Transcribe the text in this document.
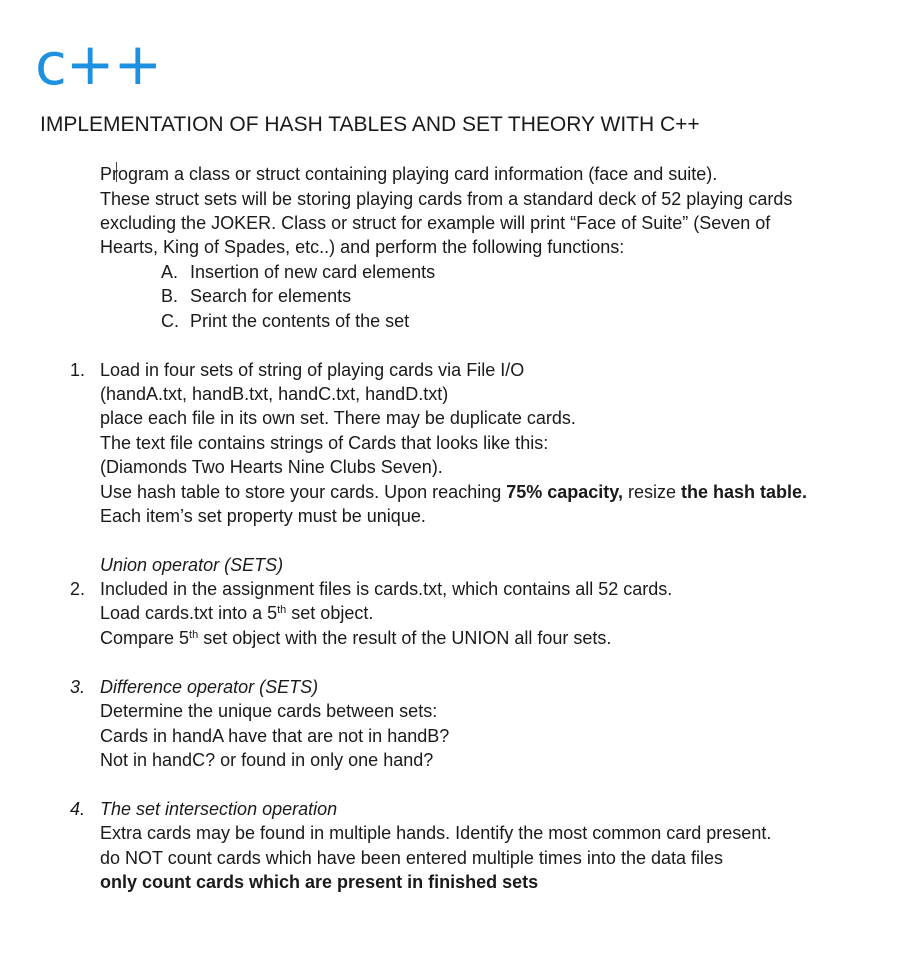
c++
IMPLEMENTATION OF HASH TABLES AND SET THEORY WITH C++
Program a class or struct containing playing card information (face and suite).
These struct sets will be storing playing cards from a standard deck of 52 playing cards
excluding the JOKER. Class or struct for example will print “Face of Suite” (Seven of
Hearts, King of Spades, etc..) and perform the following functions:
A. Insertion of new card elements
B. Search for elements
C. Print the contents of the set
1. Load in four sets of string of playing cards via File I/O
(handA.txt, handB.txt, handC.txt, handD.txt)
place each file in its own set. There may be duplicate cards.
The text file contains strings of Cards that looks like this:
(Diamonds Two Hearts Nine Clubs Seven).
Use hash table to store your cards. Upon reaching 75% capacity, resize the hash table.
Each item’s set property must be unique.
Union operator (SETS)
2. Included in the assignment files is cards.txt, which contains all 52 cards.
Load cards.txt into a 5th set object.
Compare 5th set object with the result of the UNION all four sets.
3. Difference operator (SETS)
Determine the unique cards between sets:
Cards in handA have that are not in handB?
Not in handC? or found in only one hand?
4. The set intersection operation
Extra cards may be found in multiple hands. Identify the most common card present.
do NOT count cards which have been entered multiple times into the data files
only count cards which are present in finished sets
